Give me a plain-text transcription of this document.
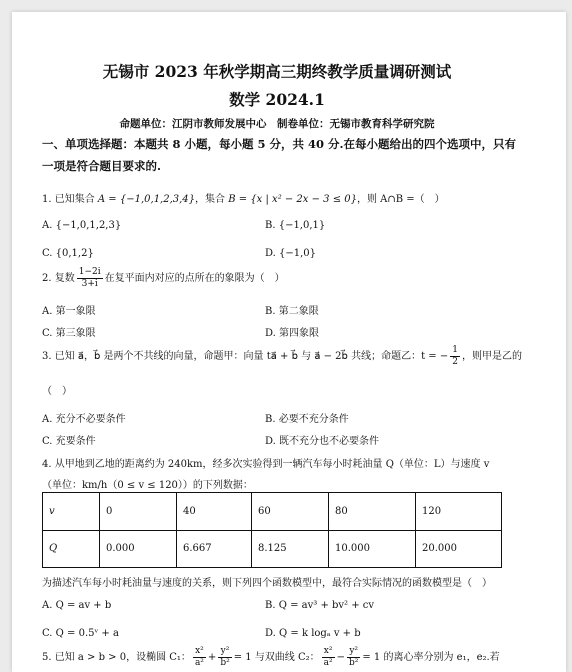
无锡市 2023 年秋学期高三期终教学质量调研测试
数学 2024.1
命题单位：江阴市教师发展中心　制卷单位：无锡市教育科学研究院
一、单项选择题：本题共 8 小题，每小题 5 分，共 40 分.在每小题给出的四个选项中，只有
一项是符合题目要求的.
1. 已知集合 A = {−1,0,1,2,3,4}，集合 B = {x | x² − 2x − 3 ≤ 0}，则 A∩B =（　）
A. {−1,0,1,2,3}	B. {−1,0,1}
C. {0,1,2}	D. {−1,0}
2. 复数 $\frac{1-2i}{3+i}$ 在复平面内对应的点所在的象限为（　）
A. 第一象限	B. 第二象限
C. 第三象限	D. 第四象限
3. 已知 a⃗，b⃗ 是两个不共线的向量，命题甲：向量 ta⃗ + b⃗ 与 a⃗ − 2b⃗ 共线；命题乙：t = − $\frac{1}{2}$ ，则甲是乙的
（　）
A. 充分不必要条件	B. 必要不充分条件
C. 充要条件	D. 既不充分也不必要条件
4. 从甲地到乙地的距离约为 240km，经多次实验得到一辆汽车每小时耗油量 Q（单位：L）与速度 v
（单位：km/h（0 ≤ v ≤ 120））的下列数据：
v	0	40	60	80	120
Q	0.000	6.667	8.125	10.000	20.000
为描述汽车每小时耗油量与速度的关系，则下列四个函数模型中，最符合实际情况的函数模型是（　）
A. Q = av + b	B. Q = av³ + bv² + cv
C. Q = 0.5ᵛ + a	D. Q = k logₐ v + b
5. 已知 a > b > 0，设椭圆 C₁： $\frac{\text{x²}}{\text{a²}} + \frac{\text{y²}}{\text{b²}} = 1$ 与双曲线 C₂： $\frac{\text{x²}}{\text{a²}} - \frac{\text{y²}}{\text{b²}} = 1$ 的离心率分别为 e₁，e₂.若
